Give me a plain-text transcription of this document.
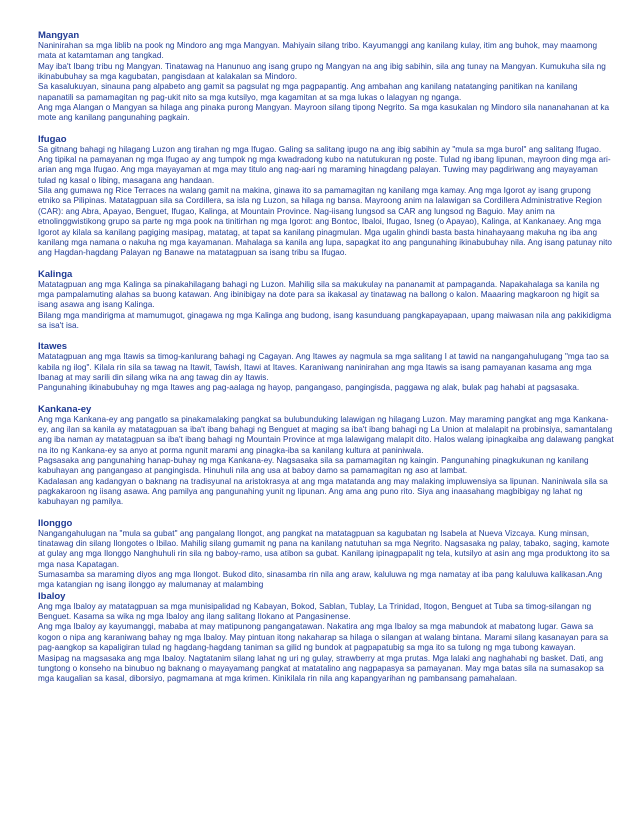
Mangyan

Naninirahan sa mga liblib na pook ng Mindoro ang mga Mangyan. Mahiyain silang tribo. Kayumanggi ang kanilang kulay, itim ang buhok, may maamong mata at katamtaman ang tangkad.

May iba't Ibang tribu ng Mangyan. Tinatawag na Hanunuo ang isang grupo ng Mangyan na ang ibig sabihin, sila ang tunay na Mangyan. Kumukuha sila ng ikinabubuhay sa mga kagubatan, pangisdaan at kalakalan sa Mindoro.

Sa kasalukuyan, sinauna pang alpabeto ang gamit sa pagsulat ng mga pagpapantig. Ang ambahan ang kanilang natatanging panitikan na kanilang napanatili sa pamamagitan ng pag-ukit nito sa mga kutsilyo, mga kagamitan at sa mga lukas o lalagyan ng nganga.

Ang mga Alangan o Mangyan sa hilaga ang pinaka purong Mangyan. Mayroon silang tipong Negrito. Sa mga kasukalan ng Mindoro sila nananahanan at ka mote ang kanilang pangunahing pagkain.

Ifugao

Sa gitnang bahagi ng hilagang Luzon ang tirahan ng mga Ifugao. Galing sa salitang ipugo na ang ibig sabihin ay "mula sa mga burol" ang salitang Ifugao.

Ang tipikal na pamayanan ng mga Ifugao ay ang tumpok ng mga kwadradong kubo na natutukuran ng poste. Tulad ng ibang lipunan, mayroon ding mga ari-arian ang mga Ifugao. Ang mga mayayaman at mga may titulo ang nag-aari ng maraming hinagdang palayan. Tuwing may pagdiriwang ang mayayaman tulad ng kasal o libing, masagana ang handaan.

Sila ang gumawa ng Rice Terraces na walang gamit na makina, ginawa ito sa pamamagitan ng kanilang mga kamay. Ang mga Igorot ay isang grupong etniko sa Pilipinas. Matatagpuan sila sa Cordillera, sa isla ng Luzon, sa hilaga ng bansa. Mayroong anim na lalawigan sa Cordillera Administrative Region (CAR): ang Abra, Apayao, Benguet, Ifugao, Kalinga, at Mountain Province. Nag-iisang lungsod sa CAR ang lungsod ng Baguio. May anim na etnolinggwistikong grupo sa parte ng mga pook na tinitirhan ng mga Igorot: ang Bontoc, Ibaloi, Ifugao, Isneg (o Apayao), Kalinga, at Kankanaey. Ang mga Igorot ay kilala sa kanilang pagiging masipag, matatag, at tapat sa kanilang pinagmulan. Mga ugalin ghindi basta basta hinahayaang makuha ng iba ang kanilang mga namana o nakuha ng mga kayamanan. Mahalaga sa kanila ang lupa, sapagkat ito ang pangunahing ikinabubuhay nila. Ang isang patunay nito ang Hagdan-hagdang Palayan ng Banawe na matatagpuan sa isang tribu sa Ifugao.

Kalinga

Matatagpuan ang mga Kalinga sa pinakahilagang bahagi ng Luzon. Mahilig sila sa makukulay na pananamit at pampaganda. Napakahalaga sa kanila ng mga pampalamuting alahas sa buong katawan. Ang ibinibigay na dote para sa ikakasal ay tinatawag na ballong o kalon. Maaaring magkaroon ng higit sa isang asawa ang isang Kalinga.

Bilang mga mandirigma at mamumugot, ginagawa ng mga Kalinga ang budong, isang kasunduang pangkapayapaan, upang maiwasan nila ang pakikidigma sa isa't isa.

Itawes

Matatagpuan ang mga Itawis sa timog-kanlurang bahagi ng Cagayan. Ang Itawes ay nagmula sa mga salitang I at tawid na nangangahulugang "mga tao sa kabila ng ilog". Kilala rin sila sa tawag na Itawit, Tawish, Itawi at Itaves. Karaniwang naninirahan ang mga Itawis sa isang pamayanan kasama ang mga Ibanag at may sarili din silang wika na ang tawag din ay Itawis.

Pangunahing ikinabubuhay ng mga Itawes ang pag-aalaga ng hayop, pangangaso, pangingisda, paggawa ng alak, bulak pag hahabi at pagsasaka.

Kankana-ey

Ang mga Kankana-ey ang pangatlo sa pinakamalaking pangkat sa bulubunduking lalawigan ng hilagang Luzon. May maraming pangkat ang mga Kankana-ey, ang ilan sa kanila ay matatagpuan sa iba't ibang bahagi ng Benguet at maging sa iba't ibang bahagi ng La Union at malalapit na probinsiya, samantalang ang iba naman ay matatagpuan sa iba't ibang bahagi ng Mountain Province at mga lalawigang malapit dito. Halos walang ipinagkaiba ang dalawang pangkat na ito ng Kankana-ey sa anyo at porma ngunit marami ang pinagka-iba sa kanilang kultura at paniniwala.

Pagsasaka ang pangunahing hanap-buhay ng mga Kankana-ey. Nagsasaka sila sa pamamagitan ng kaingin. Pangunahing pinagkukunan ng kanilang kabuhayan ang pangangaso at pangingisda. Hinuhuli nila ang usa at baboy damo sa pamamagitan ng aso at lambat.

Kadalasan ang kadangyan o baknang na tradisyunal na aristokrasya at ang mga matatanda ang may malaking impluwensiya sa lipunan. Naniniwala sila sa pagkakaroon ng iisang asawa. Ang pamilya ang pangunahing yunit ng lipunan. Ang ama ang puno rito. Siya ang inaasahang magbibigay ng lahat ng kabuhayan ng pamilya.

Ilonggo

Nangangahulugan na "mula sa gubat" ang pangalang Ilongot, ang pangkat na matatagpuan sa kagubatan ng Isabela at Nueva Vizcaya. Kung minsan, tinatawag din silang Ilongotes o Ibilao. Mahilig silang gumamit ng pana na kanilang natutuhan sa mga Negrito. Nagsasaka ng palay, tabako, saging, kamote at gulay ang mga Ilonggo Nanghuhuli rin sila ng baboy-ramo, usa atibon sa gubat. Kanilang ipinagpapalit ng tela, kutsilyo at asin ang mga produktong ito sa mga nasa Kapatagan.

Sumasamba sa maraming diyos ang mga Ilongot. Bukod dito, sinasamba rin nila ang araw, kaluluwa ng mga namatay at iba pang kaluluwa kalikasan.Ang mga katangian ng isang ilonggo ay malumanay at malambing

Ibaloy

Ang mga Ibaloy ay matatagpuan sa mga munisipalidad ng Kabayan, Bokod, Sablan, Tublay, La Trinidad, Itogon, Benguet at Tuba sa timog-silangan ng Benguet. Kasama sa wika ng mga Ibaloy ang ilang salitang Ilokano at Pangasinense.

Ang mga Ibaloy ay kayumanggi, mababa at may matipunong pangangatawan. Nakatira ang mga Ibaloy sa mga mabundok at mabatong lugar. Gawa sa kogon o nipa ang karaniwang bahay ng mga Ibaloy. May pintuan itong nakaharap sa hilaga o silangan at walang bintana. Marami silang kasanayan para sa pag-aangkop sa kapaligiran tulad ng hagdang-hagdang taniman sa gilid ng bundok at pagpapatubig sa mga ito sa tulong ng mga tubong kawayan.

Masipag na magsasaka ang mga Ibaloy. Nagtatanim silang lahat ng uri ng gulay, strawberry at mga prutas. Mga lalaki ang naghahabi ng basket. Dati, ang tungtong o konseho na binubuo ng baknang o mayayamang pangkat at matatalino ang nagpapasya sa pamayanan. May mga batas sila na sumasakop sa mga kaugalian sa kasal, diborsiyo, pagmamana at mga krimen. Kinikilala rin nila ang kapangyarihan ng pambansang pamahalaan.
